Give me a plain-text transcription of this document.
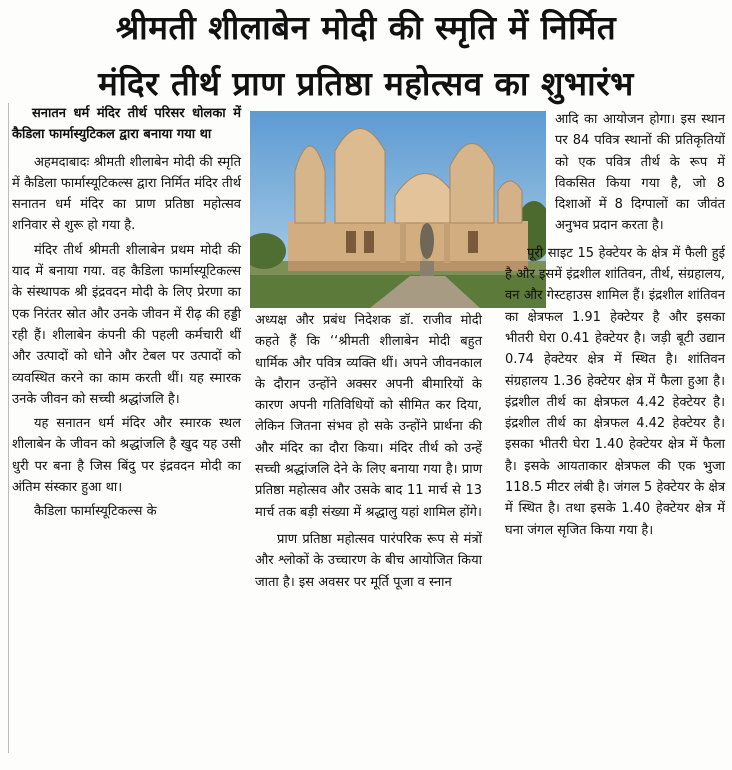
श्रीमती शीलाबेन मोदी की स्मृति में निर्मित
मंदिर तीर्थ प्राण प्रतिष्ठा महोत्सव का शुभारंभ

सनातन धर्म मंदिर तीर्थ परिसर धोलका में कैडिला फार्मास्युटिकल द्वारा बनाया गया था

अहमदाबादः श्रीमती शीलाबेन मोदी की स्मृति में कैडिला फार्मास्यूटिकल्स द्वारा निर्मित मंदिर तीर्थ सनातन धर्म मंदिर का प्राण प्रतिष्ठा महोत्सव शनिवार से शुरू हो गया है.

मंदिर तीर्थ श्रीमती शीलाबेन प्रथम मोदी की याद में बनाया गया. वह कैडिला फार्मास्यूटिकल्स के संस्थापक श्री इंद्रवदन मोदी के लिए प्रेरणा का एक निरंतर स्रोत और उनके जीवन में रीढ़ की हड्डी रही हैं। शीलाबेन कंपनी की पहली कर्मचारी थीं और उत्पादों को धोने और टेबल पर उत्पादों को व्यवस्थित करने का काम करती थीं। यह स्मारक उनके जीवन को सच्ची श्रद्धांजलि है।

यह सनातन धर्म मंदिर और स्मारक स्थल शीलाबेन के जीवन को श्रद्धांजलि है खुद यह उसी धुरी पर बना है जिस बिंदु पर इंद्रवदन मोदी का अंतिम संस्कार हुआ था।

कैडिला फार्मास्यूटिकल्स के

अध्यक्ष और प्रबंध निदेशक डॉ. राजीव मोदी कहते हैं कि ‘‘श्रीमती शीलाबेन मोदी बहुत धार्मिक और पवित्र व्यक्ति थीं। अपने जीवनकाल के दौरान उन्होंने अक्सर अपनी बीमारियों के कारण अपनी गतिविधियों को सीमित कर दिया, लेकिन जितना संभव हो सके उन्होंने प्रार्थना की और मंदिर का दौरा किया। मंदिर तीर्थ को उन्हें सच्ची श्रद्धांजलि देने के लिए बनाया गया है। प्राण प्रतिष्ठा महोत्सव और उसके बाद 11 मार्च से 13 मार्च तक बड़ी संख्या में श्रद्धालु यहां शामिल होंगे।

प्राण प्रतिष्ठा महोत्सव पारंपरिक रूप से मंत्रों और श्लोकों के उच्चारण के बीच आयोजित किया जाता है। इस अवसर पर मूर्ति पूजा व स्नान

आदि का आयोजन होगा। इस स्थान पर 84 पवित्र स्थानों की प्रतिकृतियों को एक पवित्र तीर्थ के रूप में विकसित किया गया है, जो 8 दिशाओं में 8 दिग्पालों का जीवंत अनुभव प्रदान करता है।

पूरी साइट 15 हेक्टेयर के क्षेत्र में फैली हुई है और इसमें इंद्रशील शांतिवन, तीर्थ, संग्रहालय, वन और गेस्टहाउस शामिल हैं। इंद्रशील शांतिवन का क्षेत्रफल 1.91 हेक्टेयर है और इसका भीतरी घेरा 0.41 हेक्टेयर है। जड़ी बूटी उद्यान 0.74 हेक्टेयर क्षेत्र में स्थित है। शांतिवन संग्रहालय 1.36 हेक्टेयर क्षेत्र में फैला हुआ है।इंद्रशील तीर्थ का क्षेत्रफल 4.42 हेक्टेयर है। इंद्रशील तीर्थ का क्षेत्रफल 4.42 हेक्टेयर है। इसका भीतरी घेरा 1.40 हेक्टेयर क्षेत्र में फैला है। इसके आयताकार क्षेत्रफल की एक भुजा 118.5 मीटर लंबी है। जंगल 5 हेक्टेयर के क्षेत्र में स्थित है। तथा इसके 1.40 हेक्टेयर क्षेत्र में घना जंगल सृजित किया गया है।
